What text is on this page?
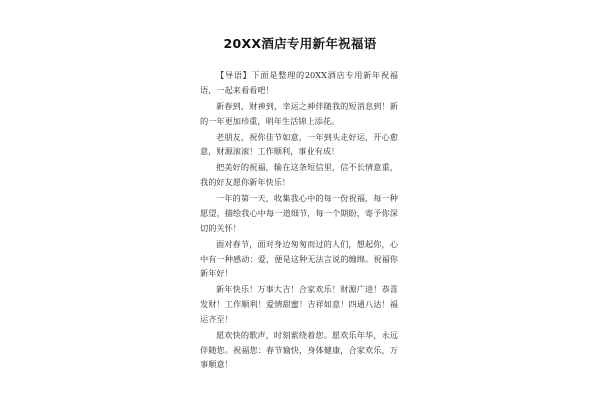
20XX酒店专用新年祝福语

【导语】下面是整理的20XX酒店专用新年祝福语，一起来看看吧！

新春到，财神到，幸运之神伴随我的短消息到！新的一年更加珍重，明年生活锦上添花。

老朋友，祝你佳节如意，一年到头走好运，开心愈意，财源滚滚！工作顺利，事业有成！

把美好的祝福，输在这条短信里，信不长情意重，我的好友愿你新年快乐！

一年的第一天，收集我心中的每一份祝福，每一种愿望，描绘我心中每一道细节，每一个期盼，寄予你深切的关怀！

面对春节，面对身边匆匆而过的人们，想起你，心中有一种感动：爱，便是这种无法言说的缠绵。祝福你新年好！

新年快乐！万事大吉！合家欢乐！财源广进！恭喜发财！工作顺利！爱情甜蜜！吉祥如意！四通八达！福运齐至！

愿欢快的歌声，时刻萦绕着您。愿欢乐年华，永远伴随您。祝福您：春节愉快，身体健康，合家欢乐，万事顺意！
